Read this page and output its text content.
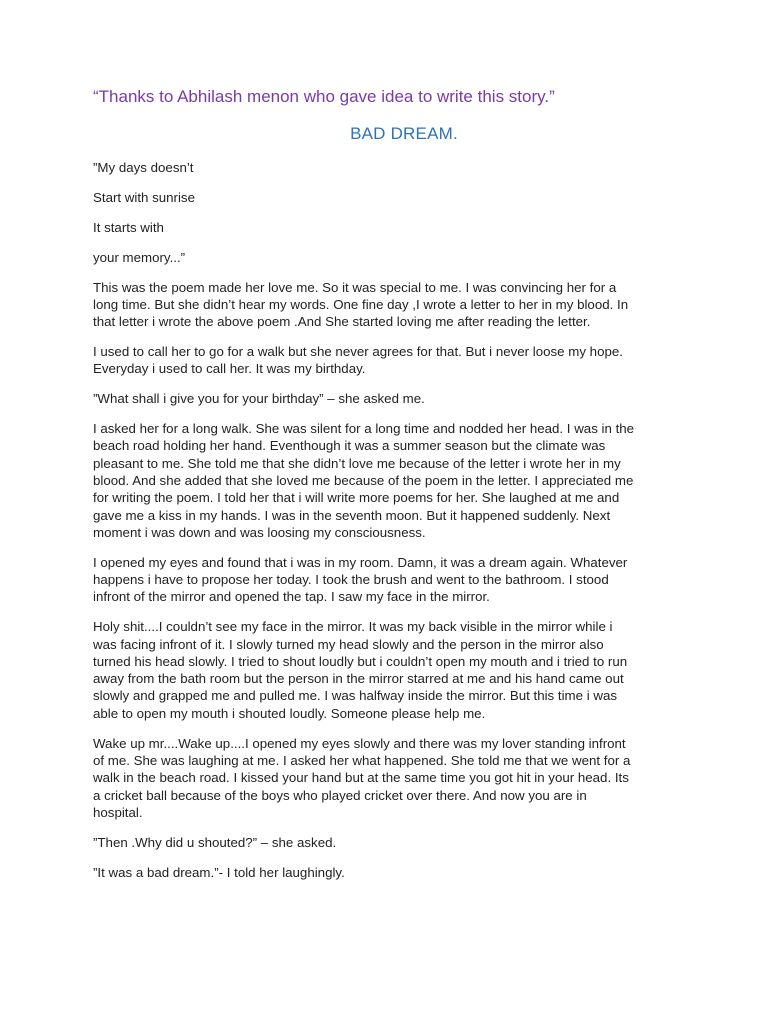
“Thanks to Abhilash menon who gave idea to write this story.”
BAD DREAM.

”My days doesn’t

Start with sunrise

It starts with

your memory...”

This was the poem made her love me. So it was special to me. I was convincing her for a
long time. But she didn’t hear my words. One fine day ,I wrote a letter to her in my blood. In
that letter i wrote the above poem .And She started loving me after reading the letter.
I used to call her to go for a walk but she never agrees for that. But i never loose my hope.
Everyday i used to call her. It was my birthday.
”What shall i give you for your birthday” – she asked me.
I asked her for a long walk. She was silent for a long time and nodded her head. I was in the
beach road holding her hand. Eventhough it was a summer season but the climate was
pleasant to me. She told me that she didn’t love me because of the letter i wrote her in my
blood. And she added that she loved me because of the poem in the letter. I appreciated me
for writing the poem. I told her that i will write more poems for her. She laughed at me and
gave me a kiss in my hands. I was in the seventh moon. But it happened suddenly. Next
moment i was down and was loosing my consciousness.
I opened my eyes and found that i was in my room. Damn, it was a dream again. Whatever
happens i have to propose her today. I took the brush and went to the bathroom. I stood
infront of the mirror and opened the tap. I saw my face in the mirror.
Holy shit....I couldn’t see my face in the mirror. It was my back visible in the mirror while i
was facing infront of it. I slowly turned my head slowly and the person in the mirror also
turned his head slowly. I tried to shout loudly but i couldn’t open my mouth and i tried to run
away from the bath room but the person in the mirror starred at me and his hand came out
slowly and grapped me and pulled me. I was halfway inside the mirror. But this time i was
able to open my mouth i shouted loudly. Someone please help me.
Wake up mr....Wake up....I opened my eyes slowly and there was my lover standing infront
of me. She was laughing at me. I asked her what happened. She told me that we went for a
walk in the beach road. I kissed your hand but at the same time you got hit in your head. Its
a cricket ball because of the boys who played cricket over there. And now you are in
hospital.
”Then .Why did u shouted?” – she asked.
”It was a bad dream.”- I told her laughingly.
